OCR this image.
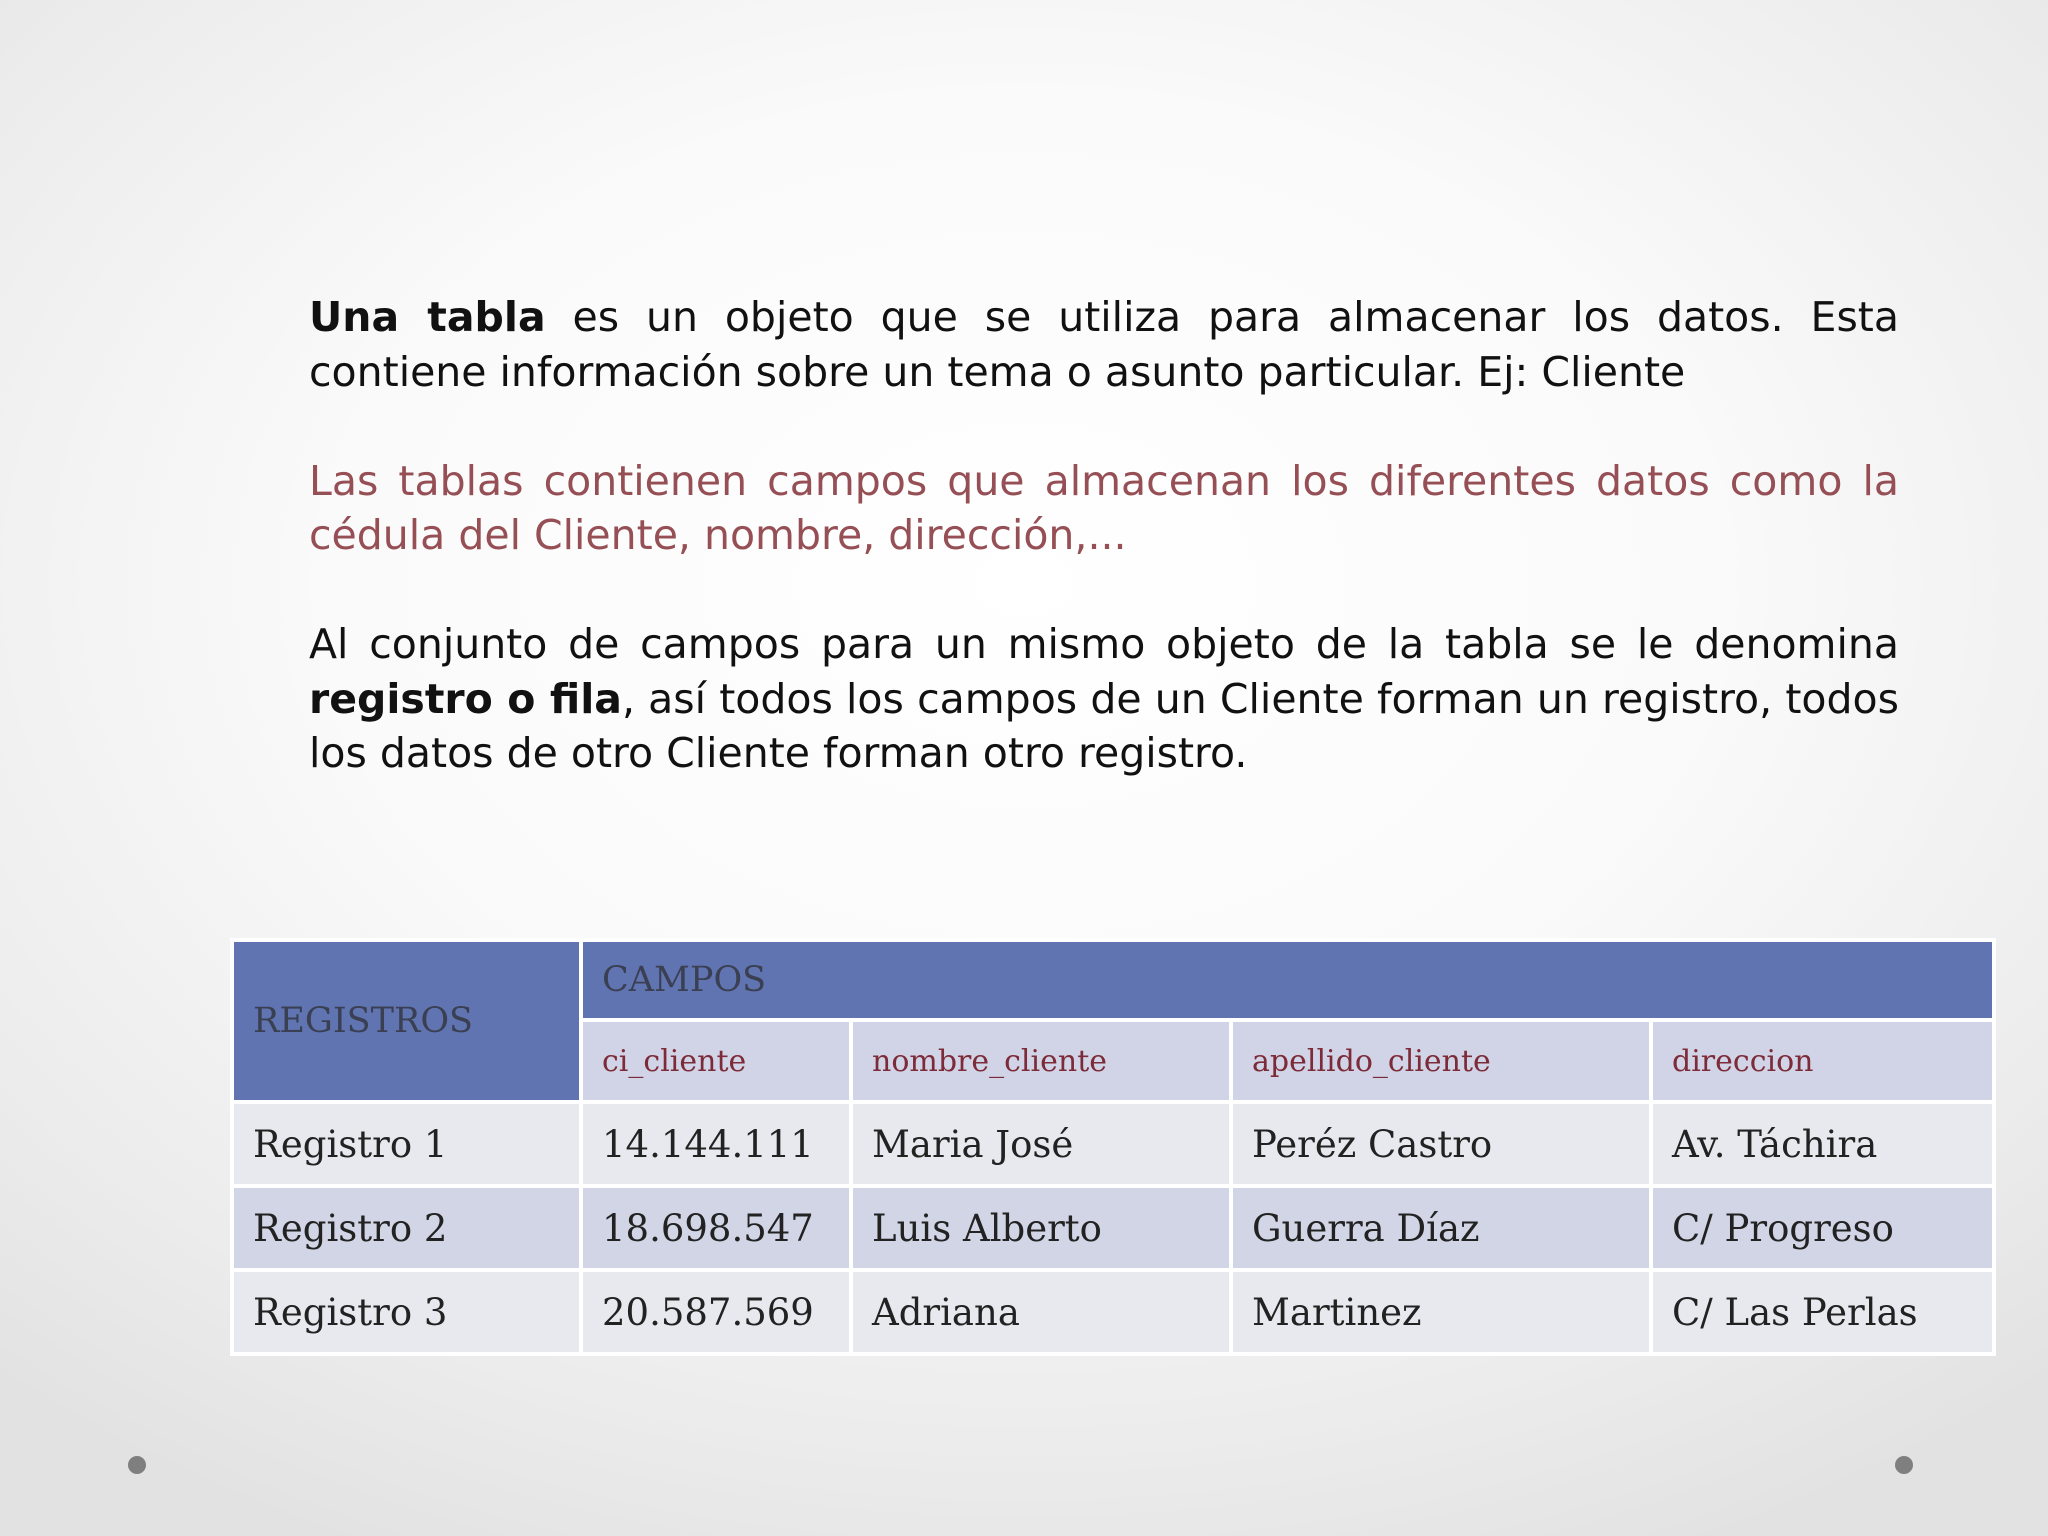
Una tabla es un objeto que se utiliza para almacenar los datos. Esta contiene información sobre un tema o asunto particular. Ej: Cliente

Las tablas contienen campos que almacenan los diferentes datos como la cédula del Cliente, nombre, dirección,...

Al conjunto de campos para un mismo objeto de la tabla se le denomina registro o fila, así todos los campos de un Cliente forman un registro, todos los datos de otro Cliente forman otro registro.

REGISTROS	CAMPOS			
	ci_cliente	nombre_cliente	apellido_cliente	direccion
Registro 1	14.144.111	Maria José	Peréz Castro	Av. Táchira
Registro 2	18.698.547	Luis Alberto	Guerra Díaz	C/ Progreso
Registro 3	20.587.569	Adriana	Martinez	C/ Las Perlas
